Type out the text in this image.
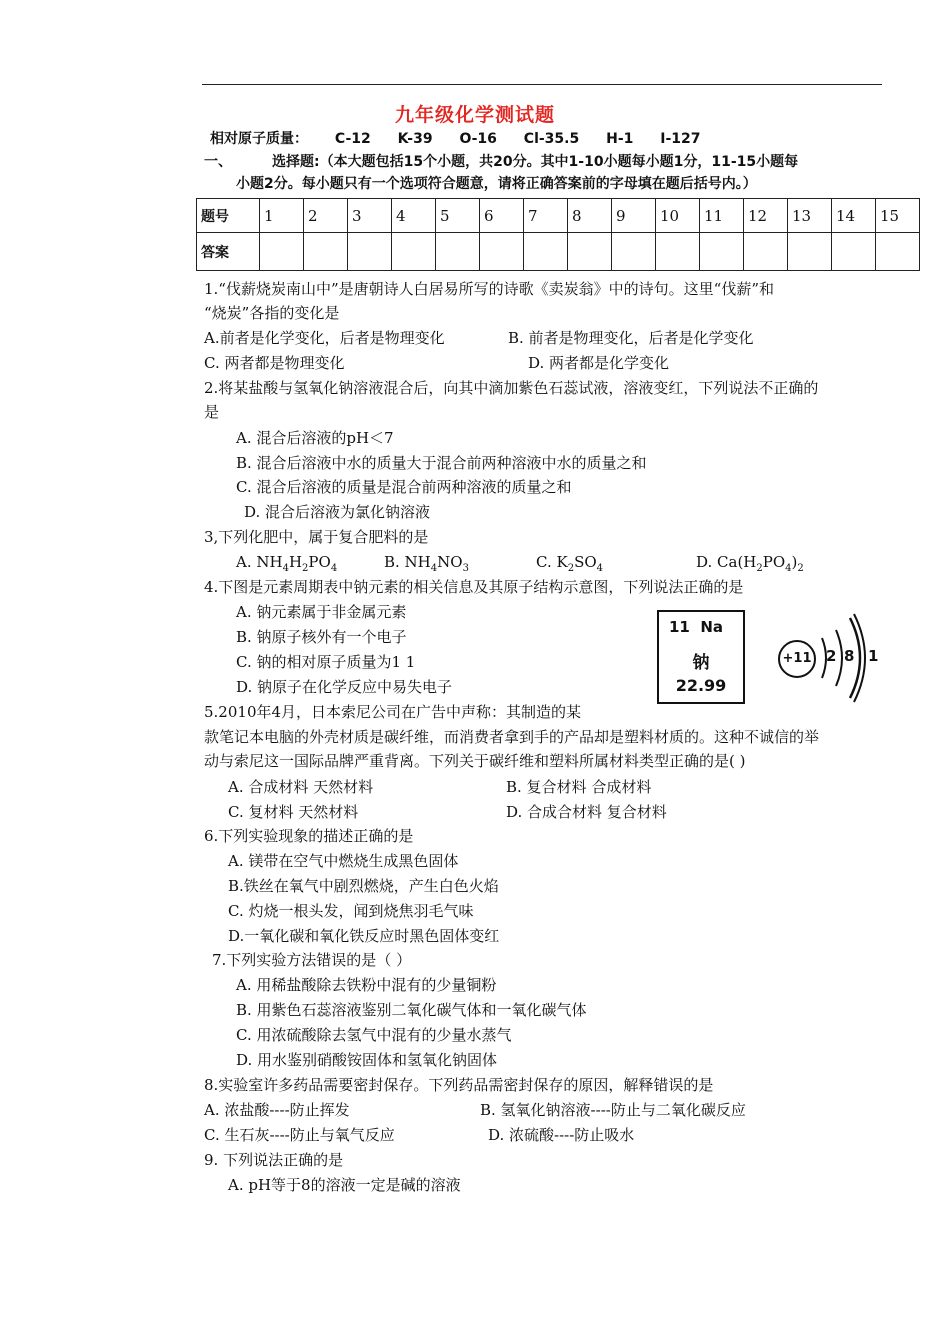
九年级化学测试题
相对原子质量： C-12 K-39 O-16 Cl-35.5 H-1 I-127
一、	选择题:（本大题包括15个小题，共20分。其中1-10小题每小题1分，11-15小题每
小题2分。每小题只有一个选项符合题意，请将正确答案前的字母填在题后括号内。）
题号	1	2	3	4	5	6	7	8	9	10	11	12	13	14	15
答案															
1.“伐薪烧炭南山中”是唐朝诗人白居易所写的诗歌《卖炭翁》中的诗句。这里“伐薪”和
“烧炭”各指的变化是
A.前者是化学变化，后者是物理变化	B. 前者是物理变化，后者是化学变化
C. 两者都是物理变化	D. 两者都是化学变化
2.将某盐酸与氢氧化钠溶液混合后，向其中滴加紫色石蕊试液，溶液变红，下列说法不正确的
是
A. 混合后溶液的pH＜7
B. 混合后溶液中水的质量大于混合前两种溶液中水的质量之和
C. 混合后溶液的质量是混合前两种溶液的质量之和
D. 混合后溶液为氯化钠溶液
3,下列化肥中，属于复合肥料的是
A. $NH_4H_2PO_4$	B. $NH_4NO_3$	C. $K_2SO_4$	D. $Ca(H_2PO_4)_2$
4.下图是元素周期表中钠元素的相关信息及其原子结构示意图，下列说法正确的是
A. 钠元素属于非金属元素
B. 钠原子核外有一个电子
C. 钠的相对原子质量为1 1
D. 钠原子在化学反应中易失电子
11 Na
钠
22.99
+11 2 8 1
5.2010年4月，日本索尼公司在广告中声称：其制造的某
款笔记本电脑的外壳材质是碳纤维，而消费者拿到手的产品却是塑料材质的。这种不诚信的举
动与索尼这一国际品牌严重背离。下列关于碳纤维和塑料所属材料类型正确的是( )
A. 合成材料 天然材料	B. 复合材料 合成材料
C. 复材料 天然材料	D. 合成合材料 复合材料
6.下列实验现象的描述正确的是
A. 镁带在空气中燃烧生成黑色固体
B.铁丝在氧气中剧烈燃烧，产生白色火焰
C. 灼烧一根头发，闻到烧焦羽毛气味
D.一氧化碳和氧化铁反应时黑色固体变红
7.下列实验方法错误的是（ ）
A. 用稀盐酸除去铁粉中混有的少量铜粉
B. 用紫色石蕊溶液鉴别二氧化碳气体和一氧化碳气体
C. 用浓硫酸除去氢气中混有的少量水蒸气
D. 用水鉴别硝酸铵固体和氢氧化钠固体
8.实验室许多药品需要密封保存。下列药品需密封保存的原因，解释错误的是
A. 浓盐酸----防止挥发	B. 氢氧化钠溶液----防止与二氧化碳反应
C. 生石灰----防止与氧气反应	D. 浓硫酸----防止吸水
9. 下列说法正确的是
A. pH等于8的溶液一定是碱的溶液
